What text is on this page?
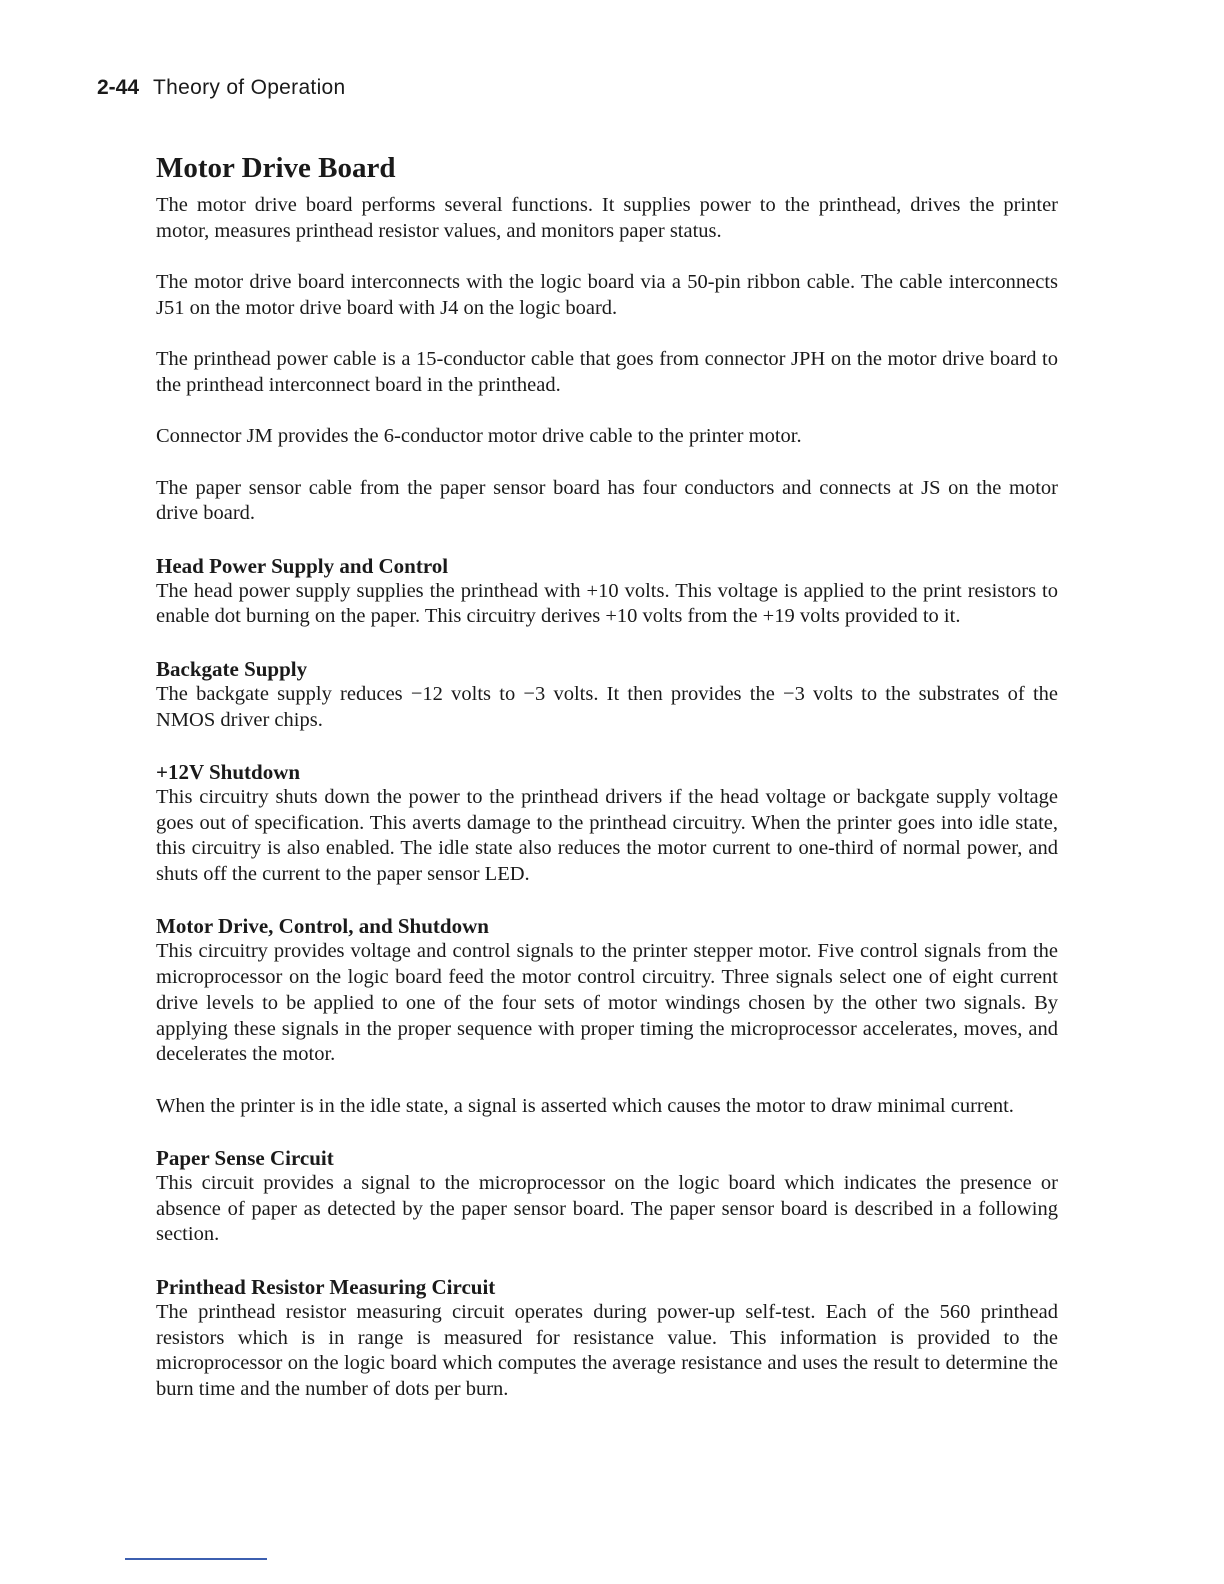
2-44 Theory of Operation
Motor Drive Board

The motor drive board performs several functions. It supplies power to the printhead, drives the printer motor, measures printhead resistor values, and monitors paper status.

The motor drive board interconnects with the logic board via a 50-pin ribbon cable. The cable interconnects J51 on the motor drive board with J4 on the logic board.

The printhead power cable is a 15-conductor cable that goes from connector JPH on the motor drive board to the printhead interconnect board in the printhead.

Connector JM provides the 6-conductor motor drive cable to the printer motor.

The paper sensor cable from the paper sensor board has four conductors and connects at JS on the motor drive board.

Head Power Supply and Control

The head power supply supplies the printhead with +10 volts. This voltage is applied to the print resistors to enable dot burning on the paper. This circuitry derives +10 volts from the +19 volts provided to it.

Backgate Supply

The backgate supply reduces −12 volts to −3 volts. It then provides the −3 volts to the substrates of the NMOS driver chips.

+12V Shutdown

This circuitry shuts down the power to the printhead drivers if the head voltage or backgate supply voltage goes out of specification. This averts damage to the printhead circuitry. When the printer goes into idle state, this circuitry is also enabled. The idle state also reduces the motor current to one-third of normal power, and shuts off the current to the paper sensor LED.

Motor Drive, Control, and Shutdown

This circuitry provides voltage and control signals to the printer stepper motor. Five control signals from the microprocessor on the logic board feed the motor control circuitry. Three signals select one of eight current drive levels to be applied to one of the four sets of motor windings chosen by the other two signals. By applying these signals in the proper sequence with proper timing the microprocessor accelerates, moves, and decelerates the motor.

When the printer is in the idle state, a signal is asserted which causes the motor to draw minimal current.

Paper Sense Circuit

This circuit provides a signal to the microprocessor on the logic board which indicates the presence or absence of paper as detected by the paper sensor board. The paper sensor board is described in a following section.

Printhead Resistor Measuring Circuit

The printhead resistor measuring circuit operates during power-up self-test. Each of the 560 printhead resistors which is in range is measured for resistance value. This information is provided to the microprocessor on the logic board which computes the average resistance and uses the result to determine the burn time and the number of dots per burn.
